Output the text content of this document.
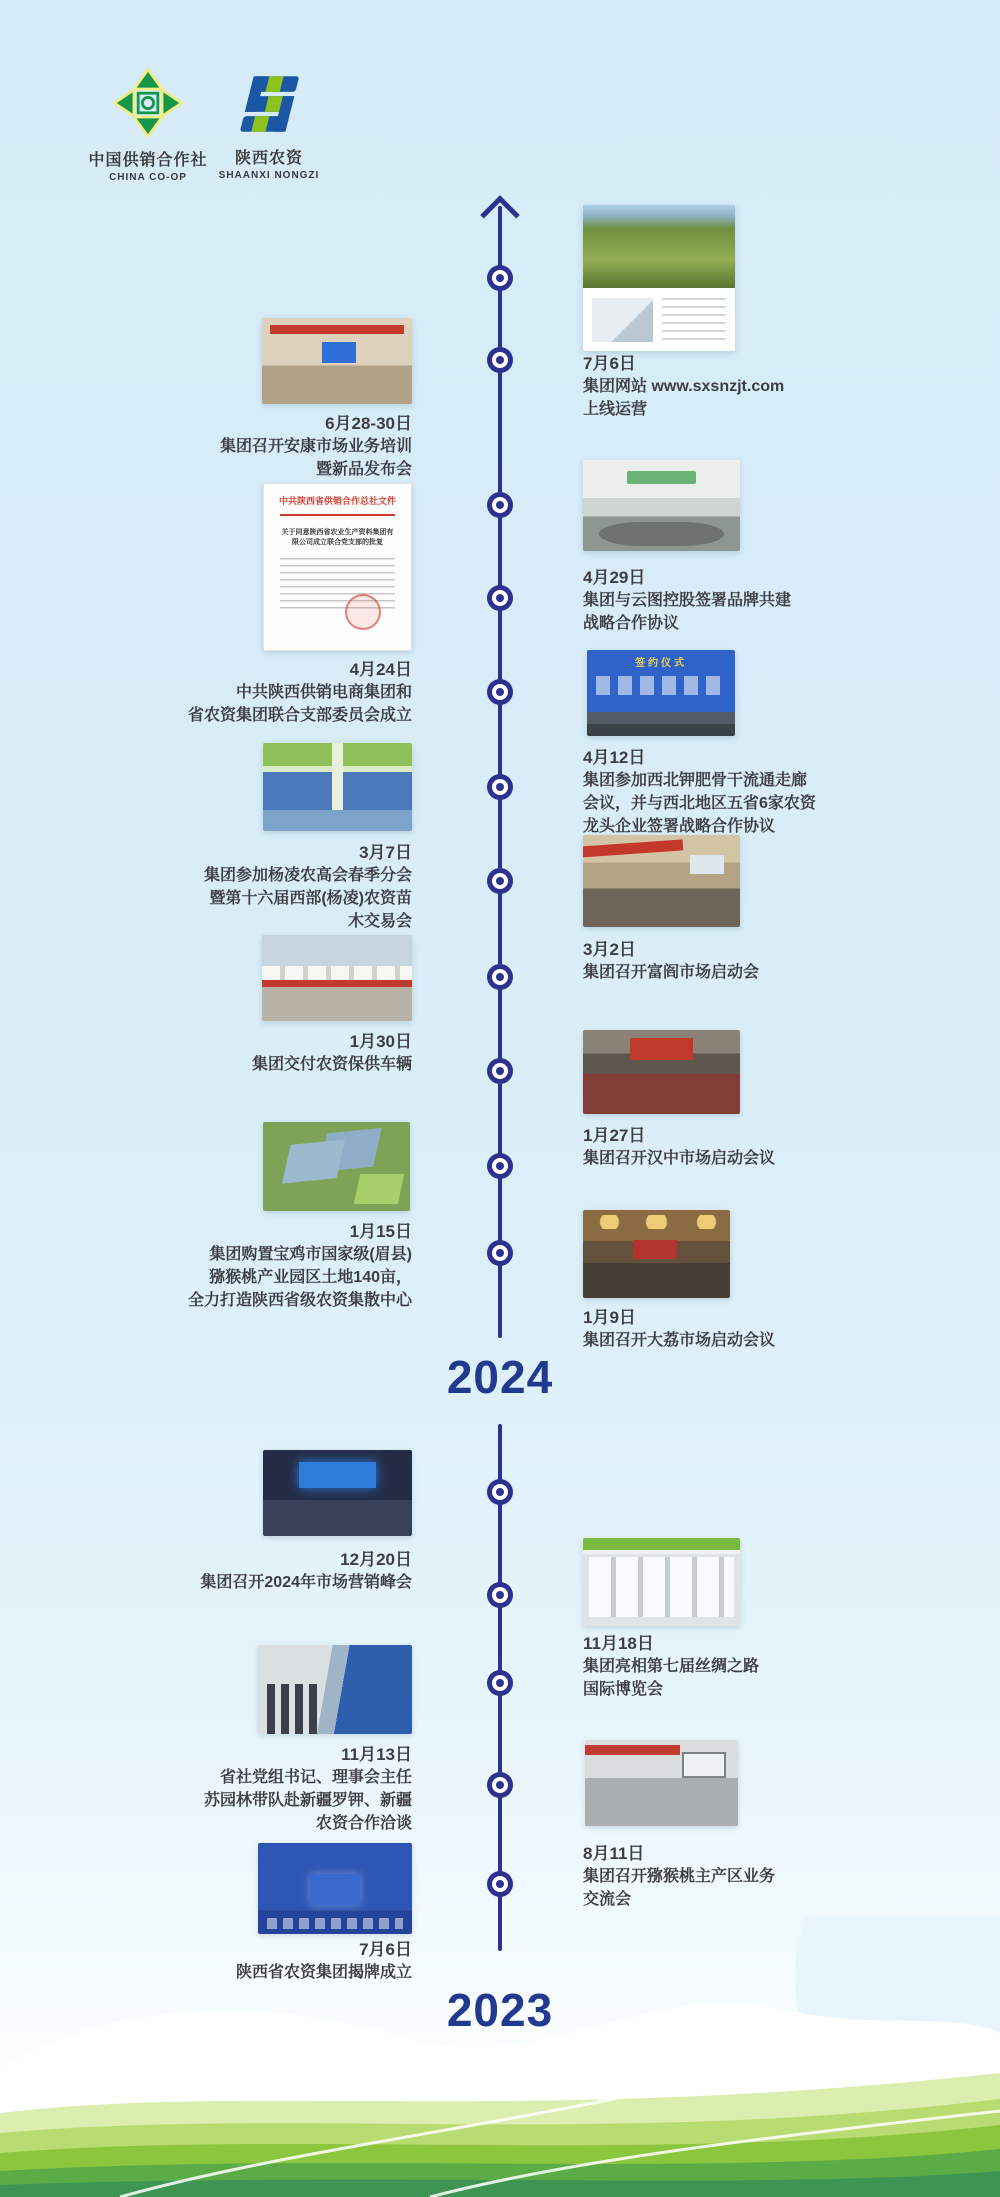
中国供销合作社
CHINA CO-OP
陕西农资
SHAANXI NONGZI
2024
2023
7月6日
集团网站 www.sxsnzjt.com
上线运营
6月28-30日
集团召开安康市场业务培训
暨新品发布会
4月29日
集团与云图控股签署品牌共建
战略合作协议
中共陕西省供销合作总社文件
关于同意陕西省农业生产资料集团有限公司成立联合党支部的批复
4月24日
中共陕西供销电商集团和
省农资集团联合支部委员会成立
签约仪式
4月12日
集团参加西北钾肥骨干流通走廊
会议，并与西北地区五省6家农资
龙头企业签署战略合作协议
3月7日
集团参加杨凌农高会春季分会
暨第十六届西部(杨凌)农资苗
木交易会
3月2日
集团召开富阎市场启动会
1月30日
集团交付农资保供车辆
1月27日
集团召开汉中市场启动会议
1月15日
集团购置宝鸡市国家级(眉县)
猕猴桃产业园区土地140亩，
全力打造陕西省级农资集散中心
1月9日
集团召开大荔市场启动会议
12月20日
集团召开2024年市场营销峰会
11月18日
集团亮相第七届丝绸之路
国际博览会
11月13日
省社党组书记、理事会主任
苏园林带队赴新疆罗钾、新疆
农资合作洽谈
8月11日
集团召开猕猴桃主产区业务
交流会
7月6日
陕西省农资集团揭牌成立
